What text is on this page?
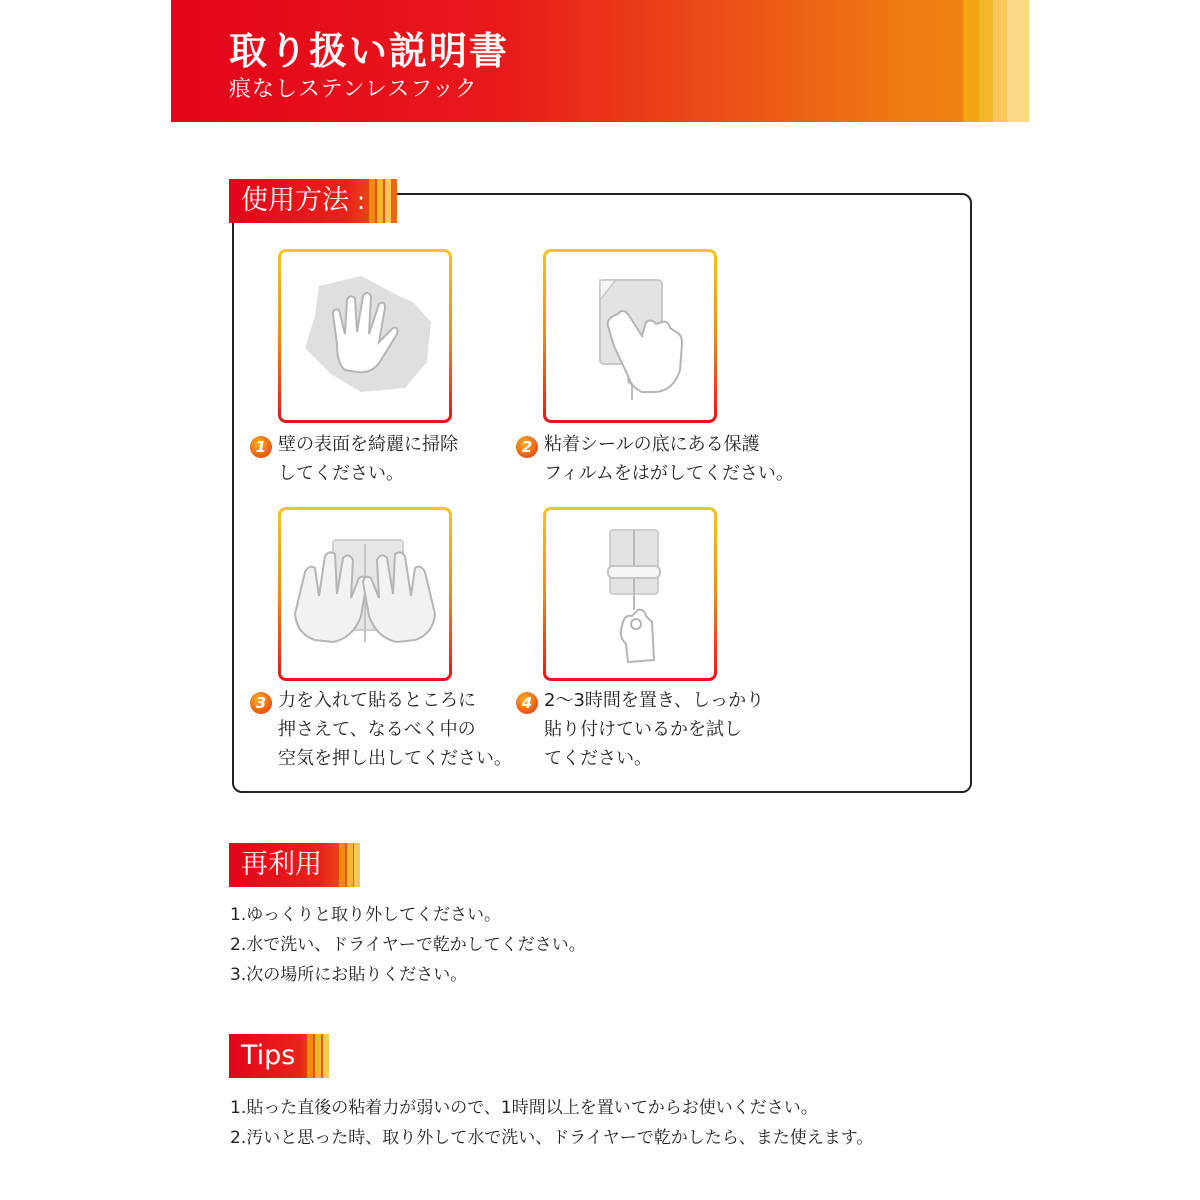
取り扱い説明書
痕なしステンレスフック
使用方法 :
1 壁の表面を綺麗に掃除
してください。
2 粘着シールの底にある保護
フィルムをはがしてください。
3 力を入れて貼るところに
押さえて、なるべく中の
空気を押し出してください。
4 2～3時間を置き、しっかり
貼り付けているかを試し
てください。
再利用
1.ゆっくりと取り外してください。
2.水で洗い、ドライヤーで乾かしてください。
3.次の場所にお貼りください。
Tips
1.貼った直後の粘着力が弱いので、1時間以上を置いてからお使いください。
2.汚いと思った時、取り外して水で洗い、ドライヤーで乾かしたら、また使えます。
